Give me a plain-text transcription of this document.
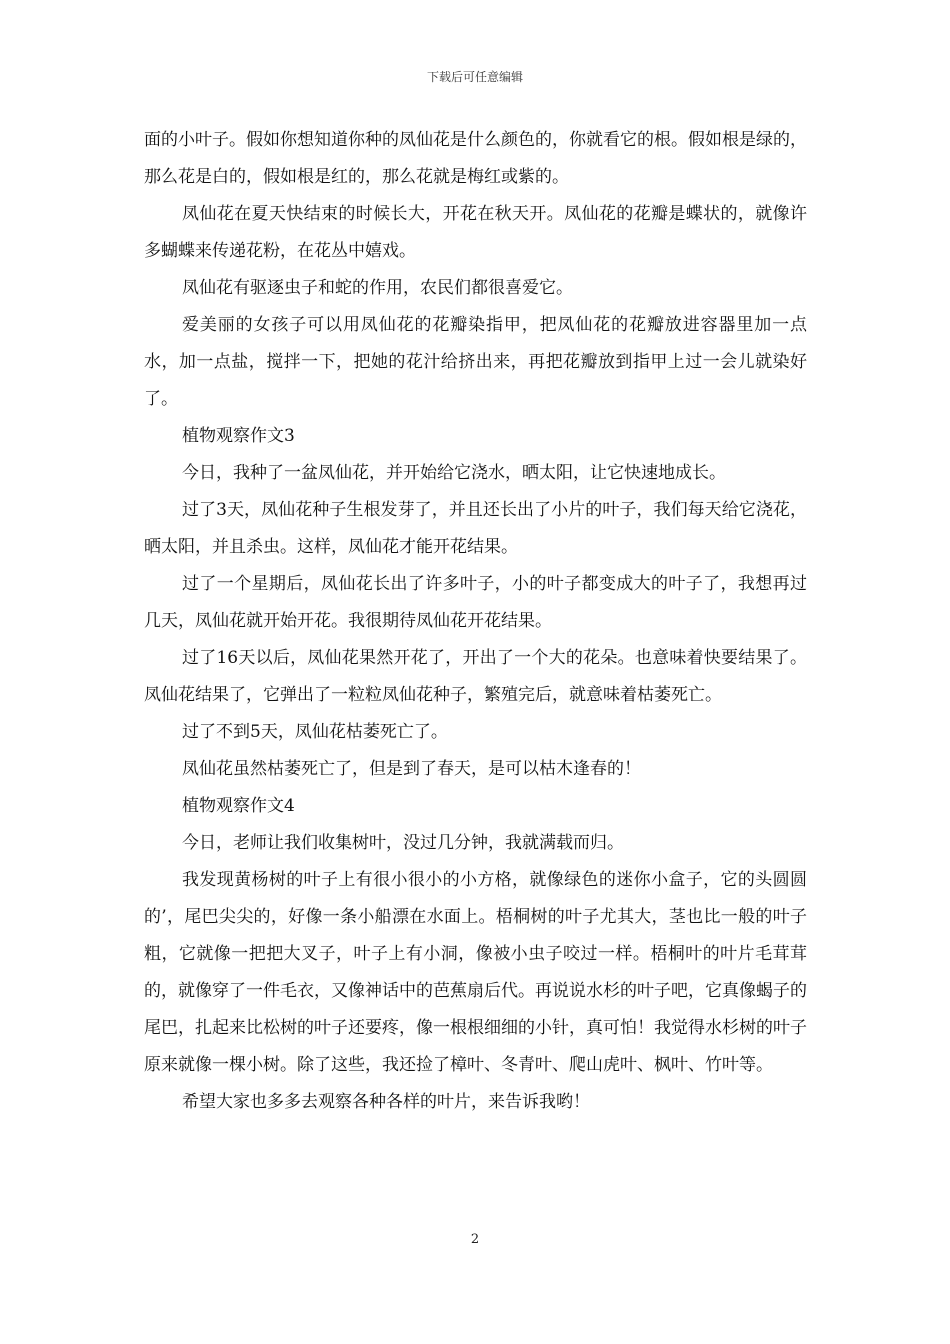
下载后可任意编辑

面的小叶子。假如你想知道你种的凤仙花是什么颜色的，你就看它的根。假如根是绿的，那么花是白的，假如根是红的，那么花就是梅红或紫的。

凤仙花在夏天快结束的时候长大，开花在秋天开。凤仙花的花瓣是蝶状的，就像许多蝴蝶来传递花粉，在花丛中嬉戏。

凤仙花有驱逐虫子和蛇的作用，农民们都很喜爱它。

爱美丽的女孩子可以用凤仙花的花瓣染指甲，把凤仙花的花瓣放进容器里加一点水，加一点盐，搅拌一下，把她的花汁给挤出来，再把花瓣放到指甲上过一会儿就染好了。

植物观察作文3

今日，我种了一盆凤仙花，并开始给它浇水，晒太阳，让它快速地成长。

过了3天，凤仙花种子生根发芽了，并且还长出了小片的叶子，我们每天给它浇花，晒太阳，并且杀虫。这样，凤仙花才能开花结果。

过了一个星期后，凤仙花长出了许多叶子，小的叶子都变成大的叶子了，我想再过几天，凤仙花就开始开花。我很期待凤仙花开花结果。

过了16天以后，凤仙花果然开花了，开出了一个大的花朵。也意味着快要结果了。凤仙花结果了，它弹出了一粒粒凤仙花种子，繁殖完后，就意味着枯萎死亡。

过了不到5天，凤仙花枯萎死亡了。

凤仙花虽然枯萎死亡了，但是到了春天，是可以枯木逢春的！

植物观察作文4

今日，老师让我们收集树叶，没过几分钟，我就满载而归。

我发现黄杨树的叶子上有很小很小的小方格，就像绿色的迷你小盒子，它的头圆圆的’，尾巴尖尖的，好像一条小船漂在水面上。梧桐树的叶子尤其大，茎也比一般的叶子粗，它就像一把把大叉子，叶子上有小洞，像被小虫子咬过一样。梧桐叶的叶片毛茸茸的，就像穿了一件毛衣，又像神话中的芭蕉扇后代。再说说水杉的叶子吧，它真像蝎子的尾巴，扎起来比松树的叶子还要疼，像一根根细细的小针，真可怕！我觉得水杉树的叶子原来就像一棵小树。除了这些，我还捡了樟叶、冬青叶、爬山虎叶、枫叶、竹叶等。

希望大家也多多去观察各种各样的叶片，来告诉我哟！

2
